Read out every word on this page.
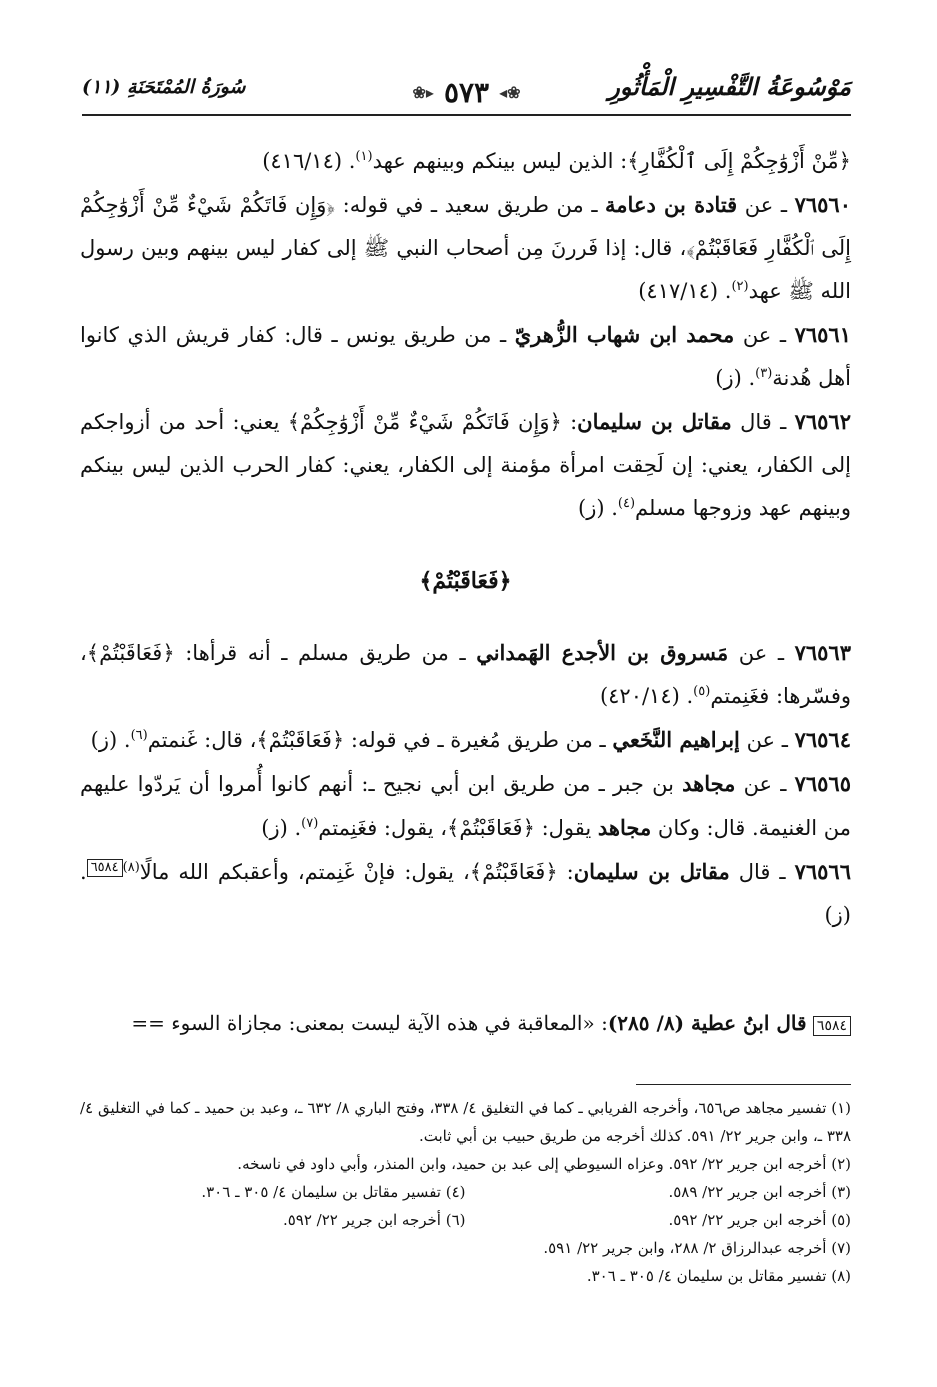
مَوْسُوعَةُ التَّفْسِيرِ الْمَأْثُورِ
❀◂
٥٧٣
▸❀
سُورَةُ المُمْتَحَنَةِ (١١)

﴿مِّنْ أَزْوَٰجِكُمْ إِلَى ٱلْكُفَّارِ﴾: الذين ليس بينكم وبينهم عهد$^{(١)}$. (٤١٦/١٤)

٧٦٥٦٠ ـ عن قتادة بن دعامة ـ من طريق سعيد ـ في قوله: ﴿وَإِن فَاتَكُمْ شَيْءٌ مِّنْ أَزْوَٰجِكُمْ إِلَى ٱلْكُفَّارِ فَعَاقَبْتُمْ﴾، قال: إذا فَررنَ مِن أصحاب النبي ﷺ إلى كفار ليس بينهم وبين رسول الله ﷺ عهد$^{(٢)}$. (٤١٧/١٤)

٧٦٥٦١ ـ عن محمد ابن شهاب الزُّهريّ ـ من طريق يونس ـ قال: كفار قريش الذي كانوا أهل هُدنة$^{(٣)}$. (ز)

٧٦٥٦٢ ـ قال مقاتل بن سليمان: ﴿وَإِن فَاتَكُمْ شَيْءٌ مِّنْ أَزْوَٰجِكُمْ﴾ يعني: أحد من أزواجكم إلى الكفار، يعني: إن لَحِقت امرأة مؤمنة إلى الكفار، يعني: كفار الحرب الذين ليس بينكم وبينهم عهد وزوجها مسلم$^{(٤)}$. (ز)

﴿فَعَاقَبْتُمْ﴾

٧٦٥٦٣ ـ عن مَسروق بن الأجدع الهَمداني ـ من طريق مسلم ـ أنه قرأها: ﴿فَعَاقَبْتُمْ﴾، وفسّرها: فغَنِمتم$^{(٥)}$. (٤٢٠/١٤)

٧٦٥٦٤ ـ عن إبراهيم النَّخَعي ـ من طريق مُغيرة ـ في قوله: ﴿فَعَاقَبْتُمْ﴾، قال: غَنمتم$^{(٦)}$. (ز)

٧٦٥٦٥ ـ عن مجاهد بن جبر ـ من طريق ابن أبي نجيح ـ: أنهم كانوا أُمروا أن يَردّوا عليهم من الغنيمة. قال: وكان مجاهد يقول: ﴿فَعَاقَبْتُمْ﴾، يقول: فغَنِمتم$^{(٧)}$. (ز)

٧٦٥٦٦ ـ قال مقاتل بن سليمان: ﴿فَعَاقَبْتُمْ﴾، يقول: فإنْ غَنِمتم، وأعقبكم الله مالًا$^{(٨)}$٦٥٨٤. (ز)

٦٥٨٤ قال ابنُ عطية (٨/ ٢٨٥): «المعاقبة في هذه الآية ليست بمعنى: مجازاة السوء ==

(١) تفسير مجاهد ص٦٥٦، وأخرجه الفريابي ـ كما في التغليق ٤/ ٣٣٨، وفتح الباري ٨/ ٦٣٢ ـ، وعبد بن حميد ـ كما في التغليق ٤/ ٣٣٨ ـ، وابن جرير ٢٢/ ٥٩١. كذلك أخرجه من طريق حبيب بن أبي ثابت.

(٢) أخرجه ابن جرير ٢٢/ ٥٩٢. وعزاه السيوطي إلى عبد بن حميد، وابن المنذر، وأبي داود في ناسخه.

(٣) أخرجه ابن جرير ٢٢/ ٥٨٩.
(٤) تفسير مقاتل بن سليمان ٤/ ٣٠٥ ـ ٣٠٦.
(٥) أخرجه ابن جرير ٢٢/ ٥٩٢.
(٦) أخرجه ابن جرير ٢٢/ ٥٩٢.

(٧) أخرجه عبدالرزاق ٢/ ٢٨٨، وابن جرير ٢٢/ ٥٩١.

(٨) تفسير مقاتل بن سليمان ٤/ ٣٠٥ ـ ٣٠٦.
